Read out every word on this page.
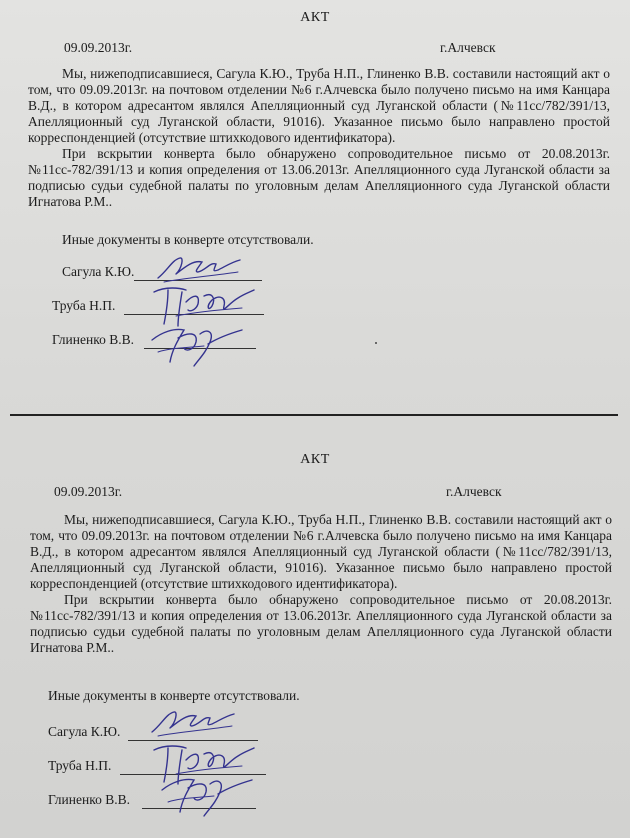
АКТ
09.09.2013г.	г.Алчевск

Мы, нижеподписавшиеся, Сагула К.Ю., Труба Н.П., Глиненко В.В. составили настоящий акт о том, что 09.09.2013г. на почтовом отделении №6 г.Алчевска было получено письмо на имя Канцара В.Д., в котором адресантом являлся Апелляционный суд Луганской области (№11сс/782/391/13, Апелляционный суд Луганской области, 91016). Указанное письмо было направлено простой корреспонденцией (отсутствие штихкодового идентификатора).

При вскрытии конверта было обнаружено сопроводительное письмо от 20.08.2013г. №11сс-782/391/13 и копия определения от 13.06.2013г. Апелляционного суда Луганской области за подписью судьи судебной палаты по уголовным делам Апелляционного суда Луганской области Игнатова Р.М..

Иные документы в конверте отсутствовали.
Сагула К.Ю.
Труба Н.П.
Глиненко В.В.
АКТ
09.09.2013г.	г.Алчевск

Мы, нижеподписавшиеся, Сагула К.Ю., Труба Н.П., Глиненко В.В. составили настоящий акт о том, что 09.09.2013г. на почтовом отделении №6 г.Алчевска было получено письмо на имя Канцара В.Д., в котором адресантом являлся Апелляционный суд Луганской области (№11сс/782/391/13, Апелляционный суд Луганской области, 91016). Указанное письмо было направлено простой корреспонденцией (отсутствие штихкодового идентификатора).

При вскрытии конверта было обнаружено сопроводительное письмо от 20.08.2013г. №11сс-782/391/13 и копия определения от 13.06.2013г. Апелляционного суда Луганской области за подписью судьи судебной палаты по уголовным делам Апелляционного суда Луганской области Игнатова Р.М..

Иные документы в конверте отсутствовали.
Сагула К.Ю.
Труба Н.П.
Глиненко В.В.
